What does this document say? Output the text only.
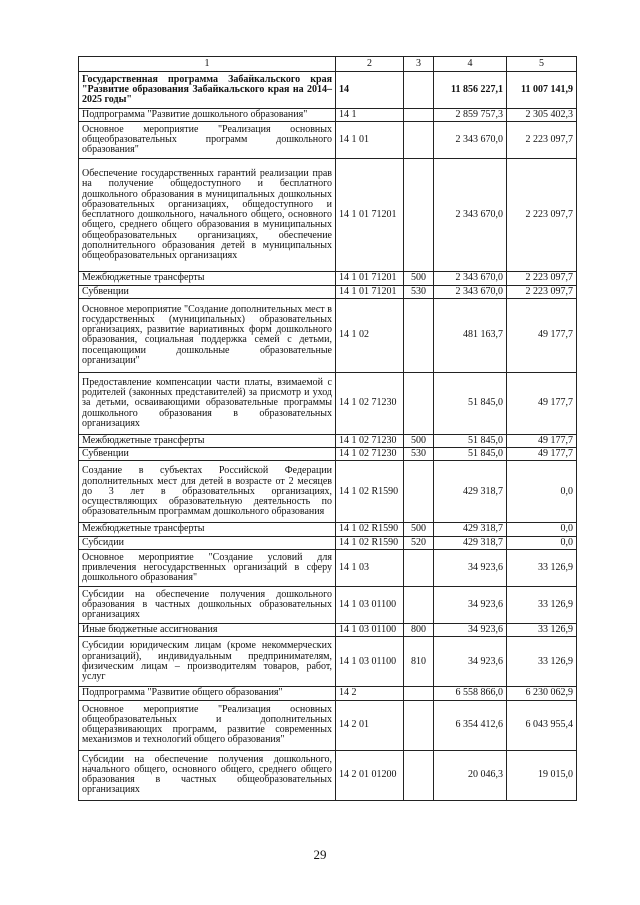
1	2	3	4	5
Государственная программа Забайкальского края "Развитие образования Забайкальского края на 2014–2025 годы"	14		11 856 227,1	11 007 141,9
Подпрограмма "Развитие дошкольного образования"	14 1		2 859 757,3	2 305 402,3
Основное мероприятие "Реализация основных общеобразовательных программ дошкольного образования"	14 1 01		2 343 670,0	2 223 097,7
Обеспечение государственных гарантий реализации прав на получение общедоступного и бесплатного дошкольного образования в муниципальных дошкольных образовательных организациях, общедоступного и бесплатного дошкольного, начального общего, основного общего, среднего общего образования в муниципальных общеобразовательных организациях, обеспечение дополнительного образования детей в муниципальных общеобразовательных организациях	14 1 01 71201		2 343 670,0	2 223 097,7
Межбюджетные трансферты	14 1 01 71201	500	2 343 670,0	2 223 097,7
Субвенции	14 1 01 71201	530	2 343 670,0	2 223 097,7
Основное мероприятие "Создание дополнительных мест в государственных (муниципальных) образовательных организациях, развитие вариативных форм дошкольного образования, социальная поддержка семей с детьми, посещающими дошкольные образовательные организации"	14 1 02		481 163,7	49 177,7
Предоставление компенсации части платы, взимаемой с родителей (законных представителей) за присмотр и уход за детьми, осваивающими образовательные программы дошкольного образования в образовательных организациях	14 1 02 71230		51 845,0	49 177,7
Межбюджетные трансферты	14 1 02 71230	500	51 845,0	49 177,7
Субвенции	14 1 02 71230	530	51 845,0	49 177,7
Создание в субъектах Российской Федерации дополнительных мест для детей в возрасте от 2 месяцев до 3 лет в образовательных организациях, осуществляющих образовательную деятельность по образовательным программам дошкольного образования	14 1 02 R1590		429 318,7	0,0
Межбюджетные трансферты	14 1 02 R1590	500	429 318,7	0,0
Субсидии	14 1 02 R1590	520	429 318,7	0,0
Основное мероприятие "Создание условий для привлечения негосударственных организаций в сферу дошкольного образования"	14 1 03		34 923,6	33 126,9
Субсидии на обеспечение получения дошкольного образования в частных дошкольных образовательных организациях	14 1 03 01100		34 923,6	33 126,9
Иные бюджетные ассигнования	14 1 03 01100	800	34 923,6	33 126,9
Субсидии юридическим лицам (кроме некоммерческих организаций), индивидуальным предпринимателям, физическим лицам – производителям товаров, работ, услуг	14 1 03 01100	810	34 923,6	33 126,9
Подпрограмма "Развитие общего образования"	14 2		6 558 866,0	6 230 062,9
Основное мероприятие "Реализация основных общеобразовательных и дополнительных общеразвивающих программ, развитие современных механизмов и технологий общего образования"	14 2 01		6 354 412,6	6 043 955,4
Субсидии на обеспечение получения дошкольного, начального общего, основного общего, среднего общего образования в частных общеобразовательных организациях	14 2 01 01200		20 046,3	19 015,0
29
